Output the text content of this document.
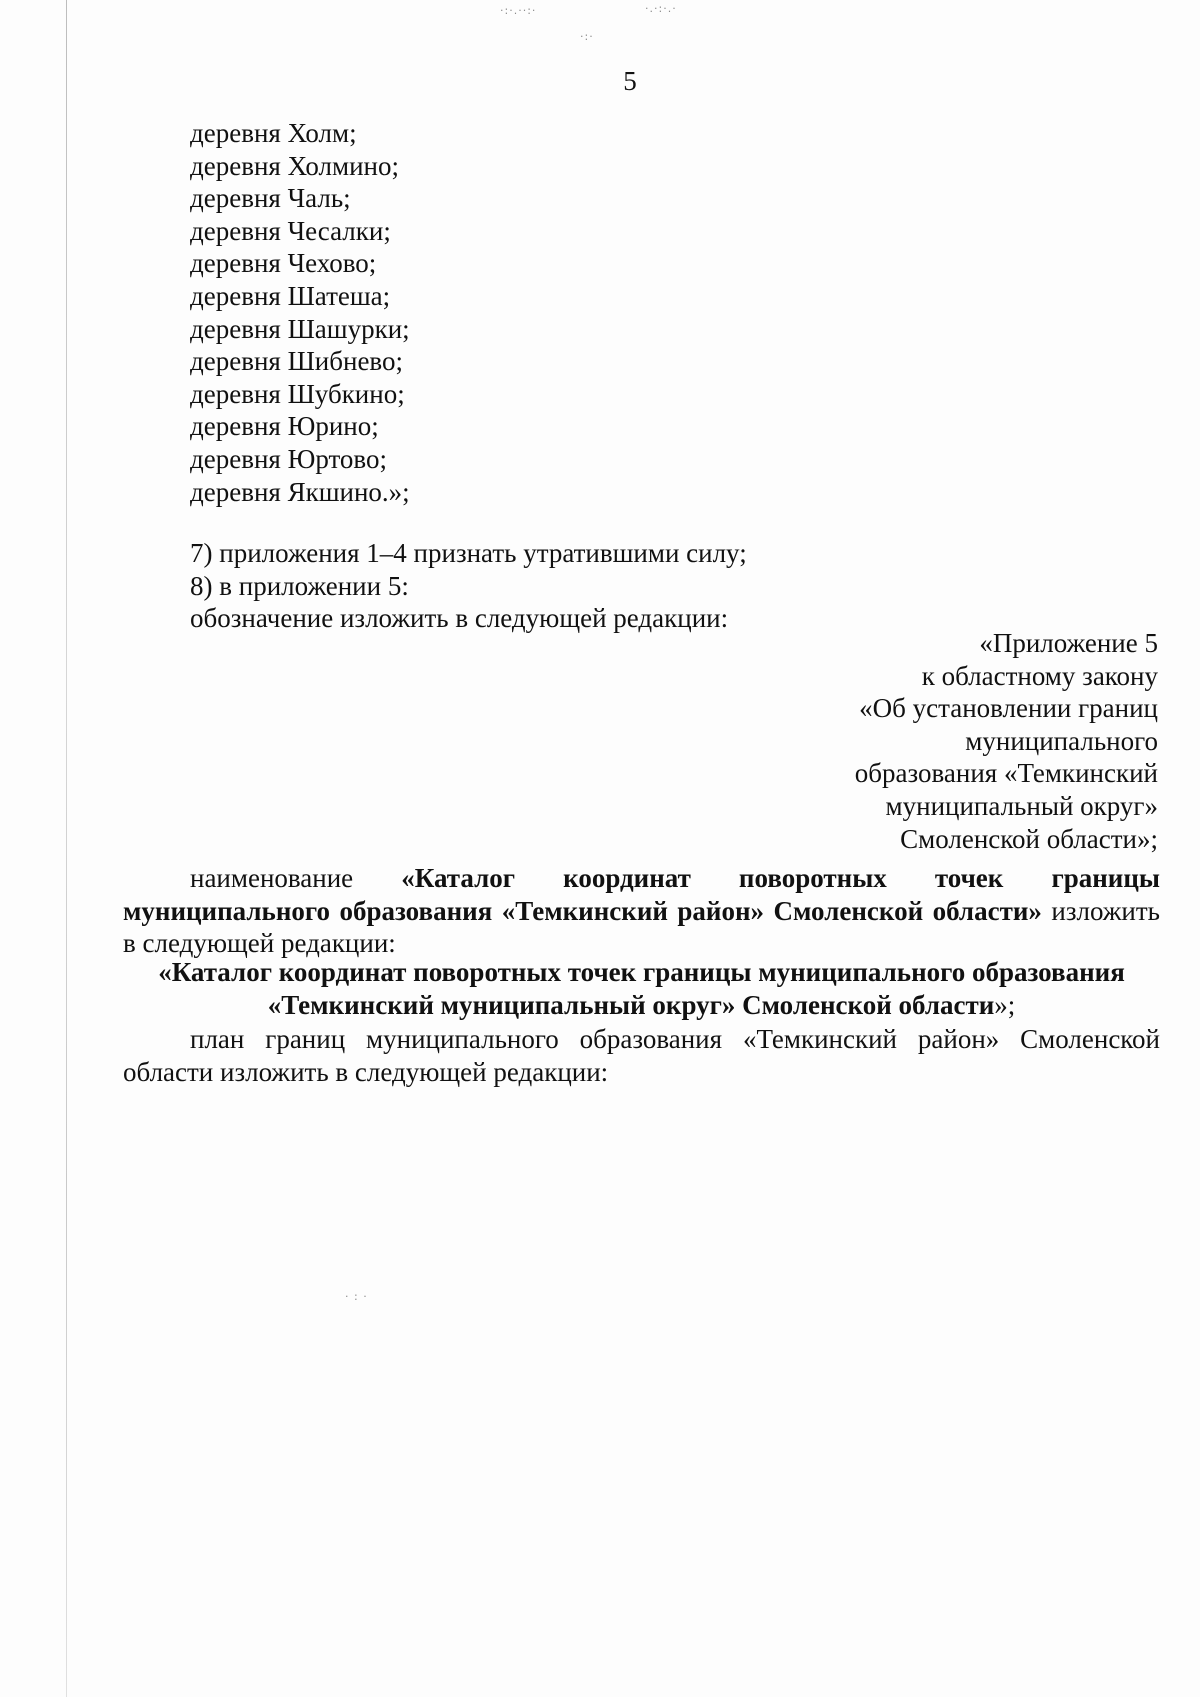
·:·.··:·	·.·:·.·
·:·
· : ·
5
деревня Холм;
деревня Холмино;
деревня Чаль;
деревня Чесалки;
деревня Чехово;
деревня Шатеша;
деревня Шашурки;
деревня Шибнево;
деревня Шубкино;
деревня Юрино;
деревня Юртово;
деревня Якшино.»;
7) приложения 1–4 признать утратившими силу;
8) в приложении 5:
обозначение изложить в следующей редакции:
«Приложение 5
к областному закону
«Об установлении границ
муниципального
образования «Темкинский
муниципальный округ»
Смоленской области»;
наименование «Каталог координат поворотных точек границы муниципального образования «Темкинский район» Смоленской области» изложить в следующей редакции:
«Каталог координат поворотных точек границы муниципального образования
«Темкинский муниципальный округ» Смоленской области»;
план границ муниципального образования «Темкинский район» Смоленской области изложить в следующей редакции:
